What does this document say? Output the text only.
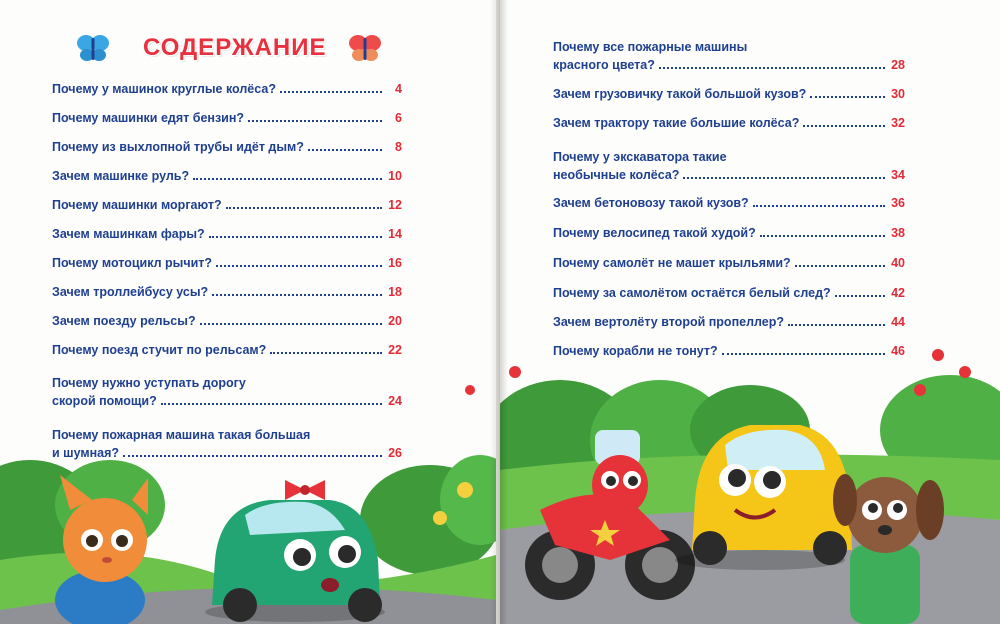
СОДЕРЖАНИЕ
Почему у машинок круглые колёса?	4
Почему машинки едят бензин?	6
Почему из выхлопной трубы идёт дым?	8
Зачем машинке руль?	10
Почему машинки моргают?	12
Зачем машинкам фары?	14
Почему мотоцикл рычит?	16
Зачем троллейбусу усы?	18
Зачем поезду рельсы?	20
Почему поезд стучит по рельсам?	22
Почему нужно уступать дорогу
скорой помощи?	24
Почему пожарная машина такая большая
и шумная?	26
Почему все пожарные машины
красного цвета?	28
Зачем грузовичку такой большой кузов?	30
Зачем трактору такие большие колёса?	32
Почему у экскаватора такие
необычные колёса?	34
Зачем бетоновозу такой кузов?	36
Почему велосипед такой худой?	38
Почему самолёт не машет крыльями?	40
Почему за самолётом остаётся белый след?	42
Зачем вертолёту второй пропеллер?	44
Почему корабли не тонут?	46
